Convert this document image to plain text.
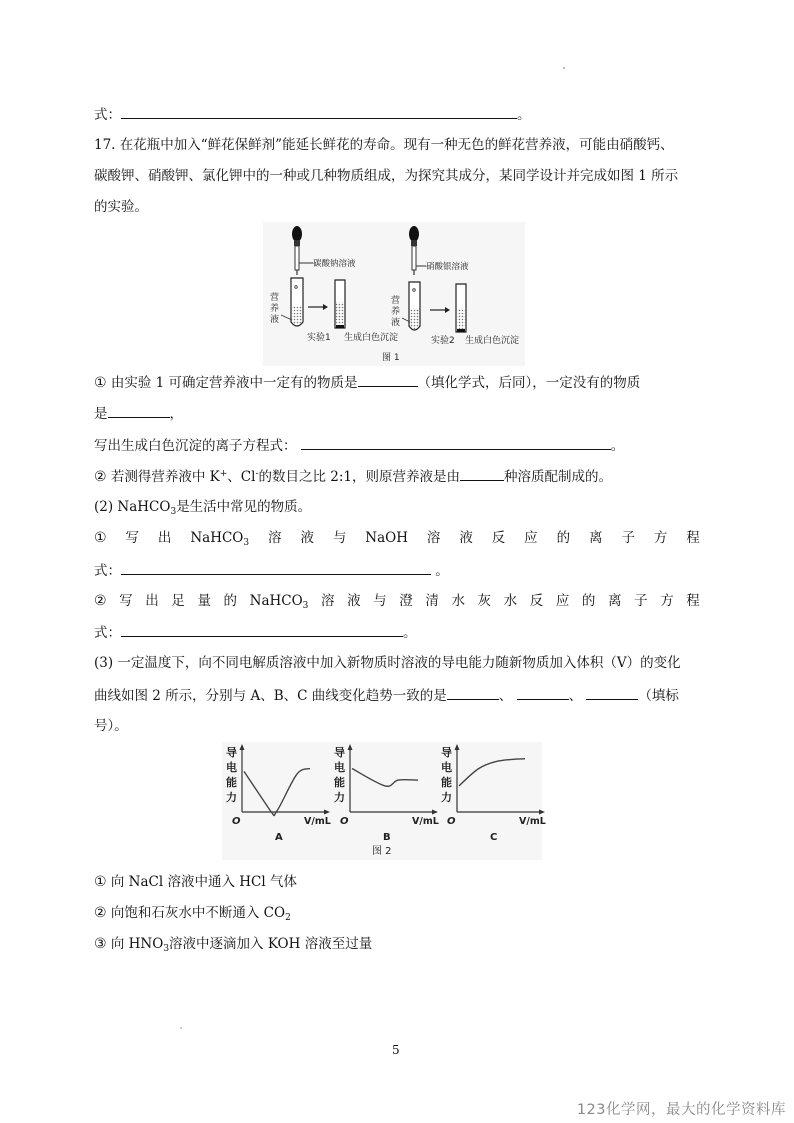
式：	。
17. 在花瓶中加入“鲜花保鲜剂”能延长鲜花的寿命。现有一种无色的鲜花营养液，可能由硝酸钙、
碳酸钾、硝酸钾、氯化钾中的一种或几种物质组成，为探究其成分，某同学设计并完成如图 1 所示
的实验。
碳酸钠溶液
营
养
液
实验1 生成白色沉淀
硝酸银溶液
营
养
液
实验2 生成白色沉淀
图 1
① 由实验 1 可确定营养液中一定有的物质是	（填化学式，后同），一定没有的物质
是	，
写出生成白色沉淀的离子方程式：	。
② 若测得营养液中 K+、Cl-的数目之比 2:1，则原营养液是由	种溶质配制成的。
(2) NaHCO$_3$是生活中常见的物质。
① 写 出 NaHCO$_3$ 溶 液 与 NaOH 溶 液 反 应 的 离 子 方 程
式：	。
② 写 出 足 量 的 NaHCO$_3$ 溶 液 与 澄 清 水 灰 水 反 应 的 离 子 方 程
式：	。
(3) 一定温度下，向不同电解质溶液中加入新物质时溶液的导电能力随新物质加入体积（V）的变化
曲线如图 2 所示，分别与 A、B、C 曲线变化趋势一致的是	、	、	（填标
号）。
导
电
能
力
O	V/mL
A
导
电
能
力
O	V/mL
B
导
电
能
力
O	V/mL
C
图 2
① 向 NaCl 溶液中通入 HCl 气体
② 向饱和石灰水中不断通入 $CO_2$
③ 向 $HNO_3$溶液中逐滴加入 KOH 溶液至过量
5
123化学网，最大的化学资料库
